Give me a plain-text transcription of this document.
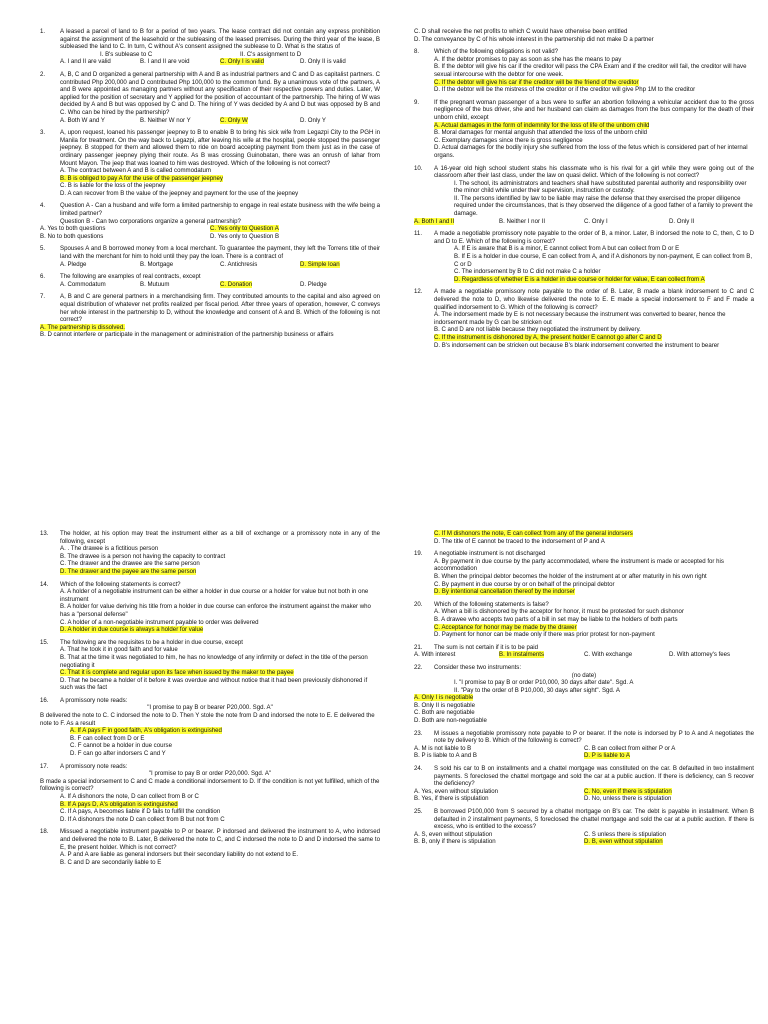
1.	A leased a parcel of land to B for a period of two years. The lease contract did not contain any express prohibition against the assignment of the leasehold or the subleasing of the leased premises. During the third year of the lease, B subleased the land to C. In turn, C without A's consent assigned the sublease to D. What is the status of
I. B's sublease to C	II. C's assignment to D
A. I and II are valid	B. I and II are void	C. Only I is valid	D. Only II is valid
2.	A, B, C and D organized a general partnership with A and B as industrial partners and C and D as capitalist partners. C contributed Php 200,000 and D contributed Php 100,000 to the common fund. By a unanimous vote of the partners, A and B were appointed as managing partners without any specification of their respective powers and duties. Later, W applied for the position of secretary and Y applied for the position of accountant of the partnership. The hiring of W was decided by A and B but was opposed by C and D. The hiring of Y was decided by A and D but was opposed by B and C. Who can be hired by the partnership?
A. Both W and Y	B. Neither W nor Y	C. Only W	D. Only Y
3.	A, upon request, loaned his passenger jeepney to B to enable B to bring his sick wife from Legazpi City to the PGH in Manila for treatment. On the way back to Legazpi, after leaving his wife at the hospital, people stopped the passenger jeepney. B stopped for them and allowed them to ride on board accepting payment from them just as in the case of ordinary passenger jeepney plying their route. As B was crossing Guinobatan, there was an onrush of lahar from Mount Mayon. The jeep that was loaned to him was destroyed. Which of the following is not correct?
A. The contract between A and B is called commodatum
B. B is obliged to pay A for the use of the passenger jeepney
C. B is liable for the loss of the jeepney
D. A can recover from B the value of the jeepney and payment for the use of the jeepney
4.	Question A - Can a husband and wife form a limited partnership to engage in real estate business with the wife being a limited partner?
Question B - Can two corporations organize a general partnership?
A. Yes to both questions	C. Yes only to Question A
B. No to both questions	D. Yes only to Question B
5.	Spouses A and B borrowed money from a local merchant. To guarantee the payment, they left the Torrens title of their land with the merchant for him to hold until they pay the loan. There is a contract of
A. Pledge	B. Mortgage	C. Antichresis	D. Simple loan
6.	The following are examples of real contracts, except
A. Commodatum	B. Mutuum	C. Donation	D. Pledge
7.	A, B and C are general partners in a merchandising firm. They contributed amounts to the capital and also agreed on equal distribution of whatever net profits realized per fiscal period. After three years of operation, however, C conveys her whole interest in the partnership to D, without the knowledge and consent of A and B. Which of the following is not correct?
A. The partnership is dissolved.
B. D cannot interfere or participate in the management or administration of the partnership business or affairs
C. D shall receive the net profits to which C would have otherwise been entitled
D. The conveyance by C of his whole interest in the partnership did not make D a partner
8.	Which of the following obligations is not valid?
A. If the debtor promises to pay as soon as she has the means to pay
B. If the debtor will give his car if the creditor will pass the CPA Exam and if the creditor will fail, the creditor will have sexual intercourse with the debtor for one week.
C. If the debtor will give his car if the creditor will be the friend of the creditor
D. If the debtor will be the mistress of the creditor or if the creditor will give Php 1M to the creditor
9.	If the pregnant woman passenger of a bus were to suffer an abortion following a vehicular accident due to the gross negligence of the bus driver, she and her husband can claim as damages from the bus company for the death of their unborn child, except
A. Actual damages in the form of indemnity for the loss of life of the unborn child
B. Moral damages for mental anguish that attended the loss of the unborn child
C. Exemplary damages since there is gross negligence
D. Actual damages for the bodily injury she suffered from the loss of the fetus which is considered part of her internal organs.
10.	A 16-year old high school student stabs his classmate who is his rival for a girl while they were going out of the classroom after their last class, under the law on quasi delict. Which of the following is not correct?
I. The school, its administrators and teachers shall have substituted parental authority and responsibility over the minor child while under their supervision, instruction or custody.
II. The persons identified by law to be liable may raise the defense that they exercised the proper diligence required under the circumstances, that is they observed the diligence of a good father of a family to prevent the damage.
A. Both I and II	B. Neither I nor II	C. Only I	D. Only II
11.	A made a negotiable promissory note payable to the order of B, a minor. Later, B indorsed the note to C, then, C to D and D to E. Which of the following is correct?
A. If E is aware that B is a minor, E cannot collect from A but can collect from D or E
B. If E is a holder in due course, E can collect from A, and if A dishonors by non-payment, E can collect from B, C or D
C. The indorsement by B to C did not make C a holder
D. Regardless of whether E is a holder in due course or holder for value, E can collect from A
12.	A made a negotiable promissory note payable to the order of B. Later, B made a blank indorsement to C and C delivered the note to D, who likewise delivered the note to E. E made a special indorsement to F and F made a qualified indorsement to G. Which of the following is correct?
A. The indorsement made by E is not necessary because the instrument was converted to bearer, hence the indorsement made by G can be stricken out
B. C and D are not liable because they negotiated the instrument by delivery.
C. If the instrument is dishonored by A, the present holder E cannot go after C and D
D. B's indorsement can be stricken out because B's blank indorsement converted the instrument to bearer
13.	The holder, at his option may treat the instrument either as a bill of exchange or a promissory note in any of the following, except
A. . The drawee is a fictitious person
B. The drawee is a person not having the capacity to contract
C. The drawer and the drawee are the same person
D. The drawer and the payee are the same person
14.	Which of the following statements is correct?
A. A holder of a negotiable instrument can be either a holder in due course or a holder for value but not both in one instrument
B. A holder for value deriving his title from a holder in due course can enforce the instrument against the maker who has a "personal defense"
C. A holder of a non-negotiable instrument payable to order was delivered
D. A holder in due course is always a holder for value
15.	The following are the requisites to be a holder in due course, except
A. That he took it in good faith and for value
B. That at the time it was negotiated to him, he has no knowledge of any infirmity or defect in the title of the person negotiating it
C. That it is complete and regular upon its face when issued by the maker to the payee
D. That he became a holder of it before it was overdue and without notice that it had been previously dishonored if such was the fact
16.	A promissory note reads:
"I promise to pay B or bearer P20,000. Sgd. A"
B delivered the note to C. C indorsed the note to D. Then Y stole the note from D and indorsed the note to E. E delivered the note to F. As a result
A. If A pays F in good faith, A's obligation is extinguished
B. F can collect from D or E
C. F cannot be a holder in due course
D. F can go after indorsers C and Y
17.	A promissory note reads:
"I promise to pay B or order P20,000. Sgd. A"
B made a special indorsement to C and C made a conditional indorsement to D. If the condition is not yet fulfilled, which of the following is correct?
A. If A dishonors the note, D can collect from B or C
B. If A pays D, A's obligation is extinguished
C. If A pays, A becomes liable if D fails to fulfill the condition
D. If A dishonors the note D can collect from B but not from C
18.	Missued a negotiable instrument payable to P or bearer. P indorsed and delivered the instrument to A, who indorsed and delivered the note to B. Later, B delivered the note to C, and C indorsed the note to D and D indorsed the same to E, the present holder. Which is not correct?
A. P and A are liable as general indorsers but their secondary liability do not extend to E.
B. C and D are secondarily liable to E
C. If M dishonors the note, E can collect from any of the general indorsers
D. The title of E cannot be traced to the indorsement of P and A
19.	A negotiable instrument is not discharged
A. By payment in due course by the party accommodated, where the instrument is made or accepted for his accommodation
B. When the principal debtor becomes the holder of the instrument at or after maturity in his own right
C. By payment in due course by or on behalf of the principal debtor
D. By intentional cancellation thereof by the indorser
20.	Which of the following statements is false?
A. When a bill is dishonored by the acceptor for honor, it must be protested for such dishonor
B. A drawee who accepts two parts of a bill in set may be liable to the holders of both parts
C. Acceptance for honor may be made by the drawer
D. Payment for honor can be made only if there was prior protest for non-payment
21.	The sum is not certain if it is to be paid
A. With interest	B. In instalments	C. With exchange	D. With attorney's fees
22.	Consider these two instruments:
(no date)
I. "I promise to pay B or order P10,000, 30 days after date". Sgd. A
II. "Pay to the order of B P10,000, 30 days after sight". Sgd. A
A. Only I is negotiable
B. Only II is negotiable
C. Both are negotiable
D. Both are non-negotiable
23.	M issues a negotiable promissory note payable to P or bearer. If the note is indorsed by P to A and A negotiates the note by delivery to B. Which of the following is correct?
A. M is not liable to B	C. B can collect from either P or A
B. P is liable to A and B	D. P is liable to A
24.	S sold his car to B on installments and a chattel mortgage was constituted on the car. B defaulted in two installment payments. S foreclosed the chattel mortgage and sold the car at a public auction. If there is deficiency, can S recover the deficiency?
A. Yes, even without stipulation	C. No, even if there is stipulation
B. Yes, if there is stipulation	D. No, unless there is stipulation
25.	B borrowed P100,000 from S secured by a chattel mortgage on B's car. The debt is payable in installment. When B defaulted in 2 installment payments, S foreclosed the chattel mortgage and sold the car at a public auction. If there is excess, who is entitled to the excess?
A. S, even without stipulation	C. S unless there is stipulation
B. B, only if there is stipulation	D. B, even without stipulation
